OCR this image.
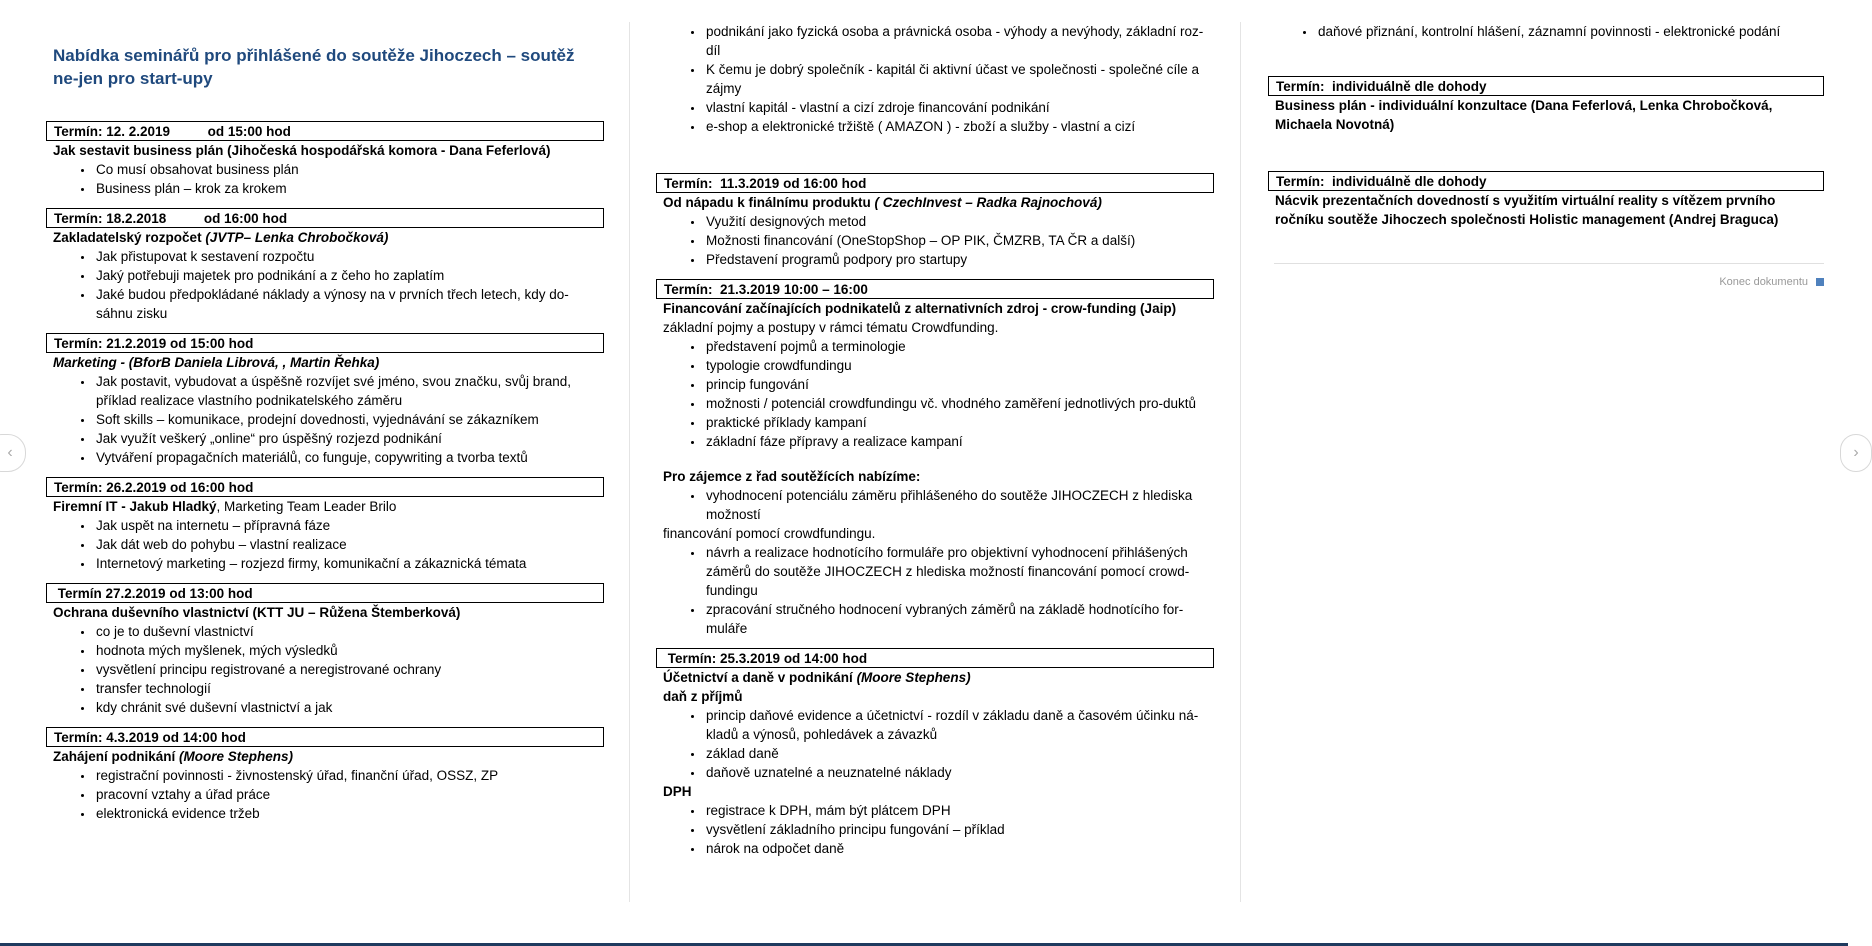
Nabídka seminářů pro přihlášené do soutěže Jihoczech – soutěž ne-jen pro start-upy
Termín: 12. 2.2019          od 15:00 hod
Jak sestavit business plán (Jihočeská hospodářská komora - Dana Feferlová)
• Co musí obsahovat business plán
• Business plán – krok za krokem
Termín: 18.2.2018          od 16:00 hod
Zakladatelský rozpočet (JVTP– Lenka Chrobočková)
• Jak přistupovat k sestavení rozpočtu
• Jaký potřebuji majetek pro podnikání a z čeho ho zaplatím
• Jaké budou předpokládané náklady a výnosy na v prvních třech letech, kdy do-sáhnu zisku
Termín: 21.2.2019 od 15:00 hod
Marketing - (BforB Daniela Librová, , Martin Řehka)
• Jak postavit, vybudovat a úspěšně rozvíjet své jméno, svou značku, svůj brand, příklad realizace vlastního podnikatelského záměru
• Soft skills – komunikace, prodejní dovednosti, vyjednávání se zákazníkem
• Jak využít veškerý „online“ pro úspěšný rozjezd podnikání
• Vytváření propagačních materiálů, co funguje, copywriting a tvorba textů
Termín: 26.2.2019 od 16:00 hod
Firemní IT - Jakub Hladký, Marketing Team Leader Brilo
• Jak uspět na internetu – přípravná fáze
• Jak dát web do pohybu – vlastní realizace
• Internetový marketing – rozjezd firmy, komunikační a zákaznická témata
Termín 27.2.2019 od 13:00 hod
Ochrana duševního vlastnictví (KTT JU – Růžena Štemberková)
• co je to duševní vlastnictví
• hodnota mých myšlenek, mých výsledků
• vysvětlení principu registrované a neregistrované ochrany
• transfer technologií
• kdy chránit své duševní vlastnictví a jak
Termín: 4.3.2019 od 14:00 hod
Zahájení podnikání (Moore Stephens)
• registrační povinnosti - živnostenský úřad, finanční úřad, OSSZ, ZP
• pracovní vztahy a úřad práce
• elektronická evidence tržeb
• podnikání jako fyzická osoba a právnická osoba - výhody a nevýhody, základní roz-díl
• K čemu je dobrý společník - kapitál či aktivní účast ve společnosti - společné cíle a zájmy
• vlastní kapitál - vlastní a cizí zdroje financování podnikání
• e-shop a elektronické tržiště ( AMAZON ) - zboží a služby - vlastní a cizí
Termín:  11.3.2019 od 16:00 hod
Od nápadu k finálnímu produktu ( CzechInvest – Radka Rajnochová)
• Využití designových metod
• Možnosti financování (OneStopShop – OP PIK, ČMZRB, TA ČR a další)
• Představení programů podpory pro startupy
Termín:  21.3.2019 10:00 – 16:00
Financování začínajících podnikatelů z alternativních zdroj - crow-funding (Jaip)
základní pojmy a postupy v rámci tématu Crowdfunding.
• představení pojmů a terminologie
• typologie crowdfundingu
• princip fungování
• možnosti / potenciál crowdfundingu vč. vhodného zaměření jednotlivých pro-duktů
• praktické příklady kampaní
• základní fáze přípravy a realizace kampaní
Pro zájemce z řad soutěžících nabízíme:
• vyhodnocení potenciálu záměru přihlášeného do soutěže JIHOCZECH z hlediska možností
financování pomocí crowdfundingu.
• návrh a realizace hodnotícího formuláře pro objektivní vyhodnocení přihlášených záměrů do soutěže JIHOCZECH z hlediska možností financování pomocí crowd-fundingu
• zpracování stručného hodnocení vybraných záměrů na základě hodnotícího for-muláře
Termín: 25.3.2019 od 14:00 hod
Účetnictví a daně v podnikání (Moore Stephens)
daň z příjmů
• princip daňové evidence a účetnictví - rozdíl v základu daně a časovém účinku ná-kladů a výnosů, pohledávek a závazků
• základ daně
• daňově uznatelné a neuznatelné náklady
DPH
• registrace k DPH, mám být plátcem DPH
• vysvětlení základního principu fungování – příklad
• nárok na odpočet daně
• daňové přiznání, kontrolní hlášení, záznamní povinnosti - elektronické podání
Termín:  individuálně dle dohody
Business plán - individuální konzultace (Dana Feferlová, Lenka Chrobočková, Michaela Novotná)
Termín:  individuálně dle dohody
Nácvik prezentačních dovedností s využitím virtuální reality s vítězem prvního ročníku soutěže Jihoczech společnosti Holistic management (Andrej Braguca)
Konec dokumentu
‹	›
